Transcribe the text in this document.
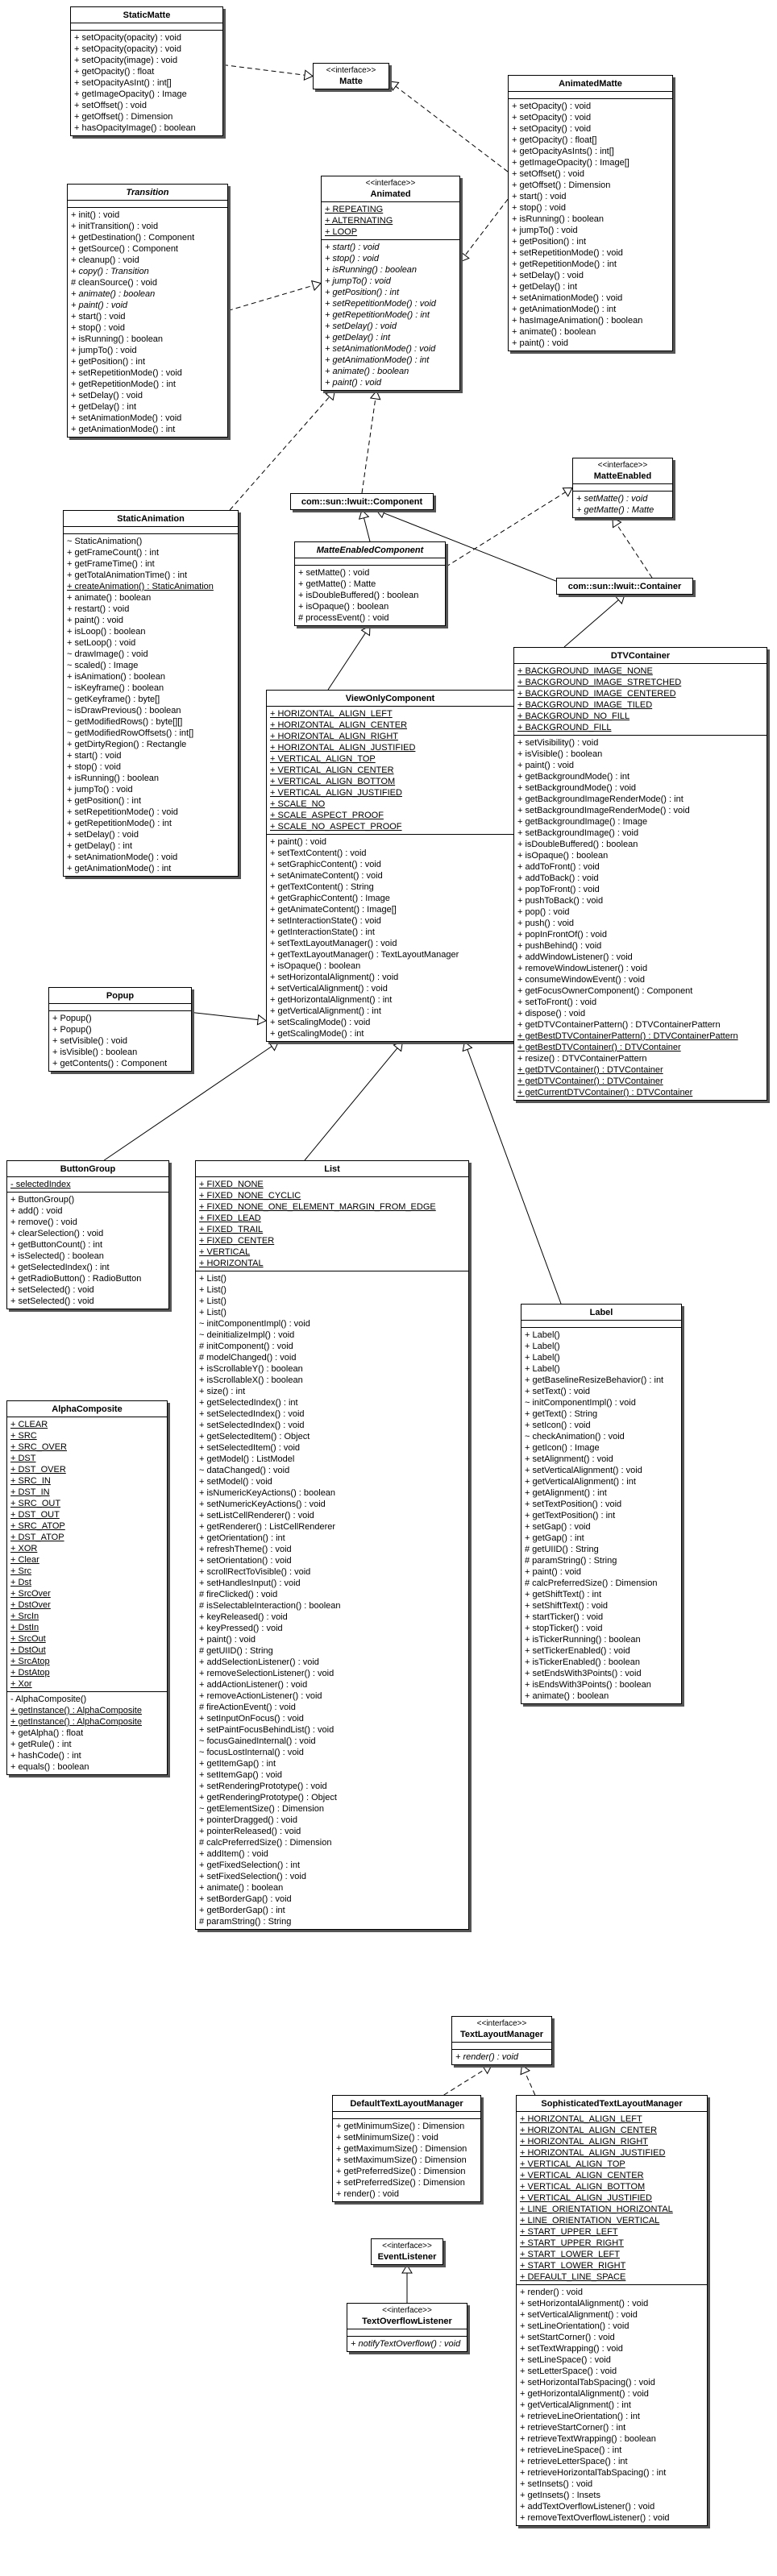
StaticMatte
+ setOpacity(opacity) : void
+ setOpacity(opacity) : void
+ setOpacity(image) : void
+ getOpacity() : float
+ setOpacityAsInt() : int[]
+ getImageOpacity() : Image
+ setOffset() : void
+ getOffset() : Dimension
+ hasOpacityImage() : boolean
<<interface>>
Matte	AnimatedMatte
+ setOpacity() : void
+ setOpacity() : void
+ setOpacity() : void
+ getOpacity() : float[]
+ getOpacityAsInts() : int[]
+ getImageOpacity() : Image[]
+ setOffset() : void
+ getOffset() : Dimension
+ start() : void
+ stop() : void
+ isRunning() : boolean
+ jumpTo() : void
+ getPosition() : int
+ setRepetitionMode() : void
+ getRepetitionMode() : int
+ setDelay() : void
+ getDelay() : int
+ setAnimationMode() : void
+ getAnimationMode() : int
+ hasImageAnimation() : boolean
+ animate() : boolean
+ paint() : void
Transition
+ init() : void
+ initTransition() : void
+ getDestination() : Component
+ getSource() : Component
+ cleanup() : void
+ copy() : Transition
# cleanSource() : void
+ animate() : boolean
+ paint() : void
+ start() : void
+ stop() : void
+ isRunning() : boolean
+ jumpTo() : void
+ getPosition() : int
+ setRepetitionMode() : void
+ getRepetitionMode() : int
+ setDelay() : void
+ getDelay() : int
+ setAnimationMode() : void
+ getAnimationMode() : int
<<interface>>
Animated
+ REPEATING
+ ALTERNATING
+ LOOP
+ start() : void
+ stop() : void
+ isRunning() : boolean
+ jumpTo() : void
+ getPosition() : int
+ setRepetitionMode() : void
+ getRepetitionMode() : int
+ setDelay() : void
+ getDelay() : int
+ setAnimationMode() : void
+ getAnimationMode() : int
+ animate() : boolean
+ paint() : void
com::sun::lwuit::Component
<<interface>>
MatteEnabled
+ setMatte() : void
+ getMatte() : Matte
MatteEnabledComponent
+ setMatte() : void
+ getMatte() : Matte
+ isDoubleBuffered() : boolean
+ isOpaque() : boolean
# processEvent() : void
com::sun::lwuit::Container
StaticAnimation
~ StaticAnimation()
+ getFrameCount() : int
+ getFrameTime() : int
+ getTotalAnimationTime() : int
+ createAnimation() : StaticAnimation
+ animate() : boolean
+ restart() : void
+ paint() : void
+ isLoop() : boolean
+ setLoop() : void
~ drawImage() : void
~ scaled() : Image
+ isAnimation() : boolean
~ isKeyframe() : boolean
~ getKeyframe() : byte[]
~ isDrawPrevious() : boolean
~ getModifiedRows() : byte[][]
~ getModifiedRowOffsets() : int[]
+ getDirtyRegion() : Rectangle
+ start() : void
+ stop() : void
+ isRunning() : boolean
+ jumpTo() : void
+ getPosition() : int
+ setRepetitionMode() : void
+ getRepetitionMode() : int
+ setDelay() : void
+ getDelay() : int
+ setAnimationMode() : void
+ getAnimationMode() : int
ViewOnlyComponent
+ HORIZONTAL_ALIGN_LEFT
+ HORIZONTAL_ALIGN_CENTER
+ HORIZONTAL_ALIGN_RIGHT
+ HORIZONTAL_ALIGN_JUSTIFIED
+ VERTICAL_ALIGN_TOP
+ VERTICAL_ALIGN_CENTER
+ VERTICAL_ALIGN_BOTTOM
+ VERTICAL_ALIGN_JUSTIFIED
+ SCALE_NO
+ SCALE_ASPECT_PROOF
+ SCALE_NO_ASPECT_PROOF
+ paint() : void
+ setTextContent() : void
+ setGraphicContent() : void
+ setAnimateContent() : void
+ getTextContent() : String
+ getGraphicContent() : Image
+ getAnimateContent() : Image[]
+ setInteractionState() : void
+ getInteractionState() : int
+ setTextLayoutManager() : void
+ getTextLayoutManager() : TextLayoutManager
+ isOpaque() : boolean
+ setHorizontalAlignment() : void
+ setVerticalAlignment() : void
+ getHorizontalAlignment() : int
+ getVerticalAlignment() : int
+ setScalingMode() : void
+ getScalingMode() : int
DTVContainer
+ BACKGROUND_IMAGE_NONE
+ BACKGROUND_IMAGE_STRETCHED
+ BACKGROUND_IMAGE_CENTERED
+ BACKGROUND_IMAGE_TILED
+ BACKGROUND_NO_FILL
+ BACKGROUND_FILL
+ setVisibility() : void
+ isVisible() : boolean
+ paint() : void
+ getBackgroundMode() : int
+ setBackgroundMode() : void
+ getBackgroundImageRenderMode() : int
+ setBackgroundImageRenderMode() : void
+ getBackgroundImage() : Image
+ setBackgroundImage() : void
+ isDoubleBuffered() : boolean
+ isOpaque() : boolean
+ addToFront() : void
+ addToBack() : void
+ popToFront() : void
+ pushToBack() : void
+ pop() : void
+ push() : void
+ popInFrontOf() : void
+ pushBehind() : void
+ addWindowListener() : void
+ removeWindowListener() : void
+ consumeWindowEvent() : void
+ getFocusOwnerComponent() : Component
+ setToFront() : void
+ dispose() : void
+ getDTVContainerPattern() : DTVContainerPattern
+ getBestDTVContainerPattern() : DTVContainerPattern
+ getBestDTVContainer() : DTVContainer
+ resize() : DTVContainerPattern
+ getDTVContainer() : DTVContainer
+ getDTVContainer() : DTVContainer
+ getCurrentDTVContainer() : DTVContainer
Popup
+ Popup()
+ Popup()
+ setVisible() : void
+ isVisible() : boolean
+ getContents() : Component
ButtonGroup
- selectedIndex
+ ButtonGroup()
+ add() : void
+ remove() : void
+ clearSelection() : void
+ getButtonCount() : int
+ isSelected() : boolean
+ getSelectedIndex() : int
+ getRadioButton() : RadioButton
+ setSelected() : void
+ setSelected() : void
List
+ FIXED_NONE
+ FIXED_NONE_CYCLIC
+ FIXED_NONE_ONE_ELEMENT_MARGIN_FROM_EDGE
+ FIXED_LEAD
+ FIXED_TRAIL
+ FIXED_CENTER
+ VERTICAL
+ HORIZONTAL
+ List()
+ List()
+ List()
+ List()
~ initComponentImpl() : void
~ deinitializeImpl() : void
# initComponent() : void
# modelChanged() : void
+ isScrollableY() : boolean
+ isScrollableX() : boolean
+ size() : int
+ getSelectedIndex() : int
+ setSelectedIndex() : void
+ setSelectedIndex() : void
+ getSelectedItem() : Object
+ setSelectedItem() : void
+ getModel() : ListModel
~ dataChanged() : void
+ setModel() : void
+ isNumericKeyActions() : boolean
+ setNumericKeyActions() : void
+ setListCellRenderer() : void
+ getRenderer() : ListCellRenderer
+ getOrientation() : int
+ refreshTheme() : void
+ setOrientation() : void
+ scrollRectToVisible() : void
+ setHandlesInput() : void
# fireClicked() : void
# isSelectableInteraction() : boolean
+ keyReleased() : void
+ keyPressed() : void
+ paint() : void
# getUIID() : String
+ addSelectionListener() : void
+ removeSelectionListener() : void
+ addActionListener() : void
+ removeActionListener() : void
# fireActionEvent() : void
+ setInputOnFocus() : void
+ setPaintFocusBehindList() : void
~ focusGainedInternal() : void
~ focusLostInternal() : void
+ getItemGap() : int
+ setItemGap() : void
+ setRenderingPrototype() : void
+ getRenderingPrototype() : Object
~ getElementSize() : Dimension
+ pointerDragged() : void
+ pointerReleased() : void
# calcPreferredSize() : Dimension
+ addItem() : void
+ getFixedSelection() : int
+ setFixedSelection() : void
+ animate() : boolean
+ setBorderGap() : void
+ getBorderGap() : int
# paramString() : String
Label
+ Label()
+ Label()
+ Label()
+ Label()
+ getBaselineResizeBehavior() : int
+ setText() : void
~ initComponentImpl() : void
+ getText() : String
+ setIcon() : void
~ checkAnimation() : void
+ getIcon() : Image
+ setAlignment() : void
+ setVerticalAlignment() : void
+ getVerticalAlignment() : int
+ getAlignment() : int
+ setTextPosition() : void
+ getTextPosition() : int
+ setGap() : void
+ getGap() : int
# getUIID() : String
# paramString() : String
+ paint() : void
# calcPreferredSize() : Dimension
+ getShiftText() : int
+ setShiftText() : void
+ startTicker() : void
+ stopTicker() : void
+ isTickerRunning() : boolean
+ setTickerEnabled() : void
+ isTickerEnabled() : boolean
+ setEndsWith3Points() : void
+ isEndsWith3Points() : boolean
+ animate() : boolean
AlphaComposite
+ CLEAR
+ SRC
+ SRC_OVER
+ DST
+ DST_OVER
+ SRC_IN
+ DST_IN
+ SRC_OUT
+ DST_OUT
+ SRC_ATOP
+ DST_ATOP
+ XOR
+ Clear
+ Src
+ Dst
+ SrcOver
+ DstOver
+ SrcIn
+ DstIn
+ SrcOut
+ DstOut
+ SrcAtop
+ DstAtop
+ Xor
- AlphaComposite()
+ getInstance() : AlphaComposite
+ getInstance() : AlphaComposite
+ getAlpha() : float
+ getRule() : int
+ hashCode() : int
+ equals() : boolean
<<interface>>
TextLayoutManager
+ render() : void
DefaultTextLayoutManager
+ getMinimumSize() : Dimension
+ setMinimumSize() : void
+ getMaximumSize() : Dimension
+ setMaximumSize() : Dimension
+ getPreferredSize() : Dimension
+ setPreferredSize() : Dimension
+ render() : void
SophisticatedTextLayoutManager
+ HORIZONTAL_ALIGN_LEFT
+ HORIZONTAL_ALIGN_CENTER
+ HORIZONTAL_ALIGN_RIGHT
+ HORIZONTAL_ALIGN_JUSTIFIED
+ VERTICAL_ALIGN_TOP
+ VERTICAL_ALIGN_CENTER
+ VERTICAL_ALIGN_BOTTOM
+ VERTICAL_ALIGN_JUSTIFIED
+ LINE_ORIENTATION_HORIZONTAL
+ LINE_ORIENTATION_VERTICAL
+ START_UPPER_LEFT
+ START_UPPER_RIGHT
+ START_LOWER_LEFT
+ START_LOWER_RIGHT
+ DEFAULT_LINE_SPACE
+ render() : void
+ setHorizontalAlignment() : void
+ setVerticalAlignment() : void
+ setLineOrientation() : void
+ setStartCorner() : void
+ setTextWrapping() : void
+ setLineSpace() : void
+ setLetterSpace() : void
+ setHorizontalTabSpacing() : void
+ getHorizontalAlignment() : void
+ getVerticalAlignment() : int
+ retrieveLineOrientation() : int
+ retrieveStartCorner() : int
+ retrieveTextWrapping() : boolean
+ retrieveLineSpace() : int
+ retrieveLetterSpace() : int
+ retrieveHorizontalTabSpacing() : int
+ setInsets() : void
+ getInsets() : Insets
+ addTextOverflowListener() : void
+ removeTextOverflowListener() : void
<<interface>>
EventListener
<<interface>>
TextOverflowListener
+ notifyTextOverflow() : void
